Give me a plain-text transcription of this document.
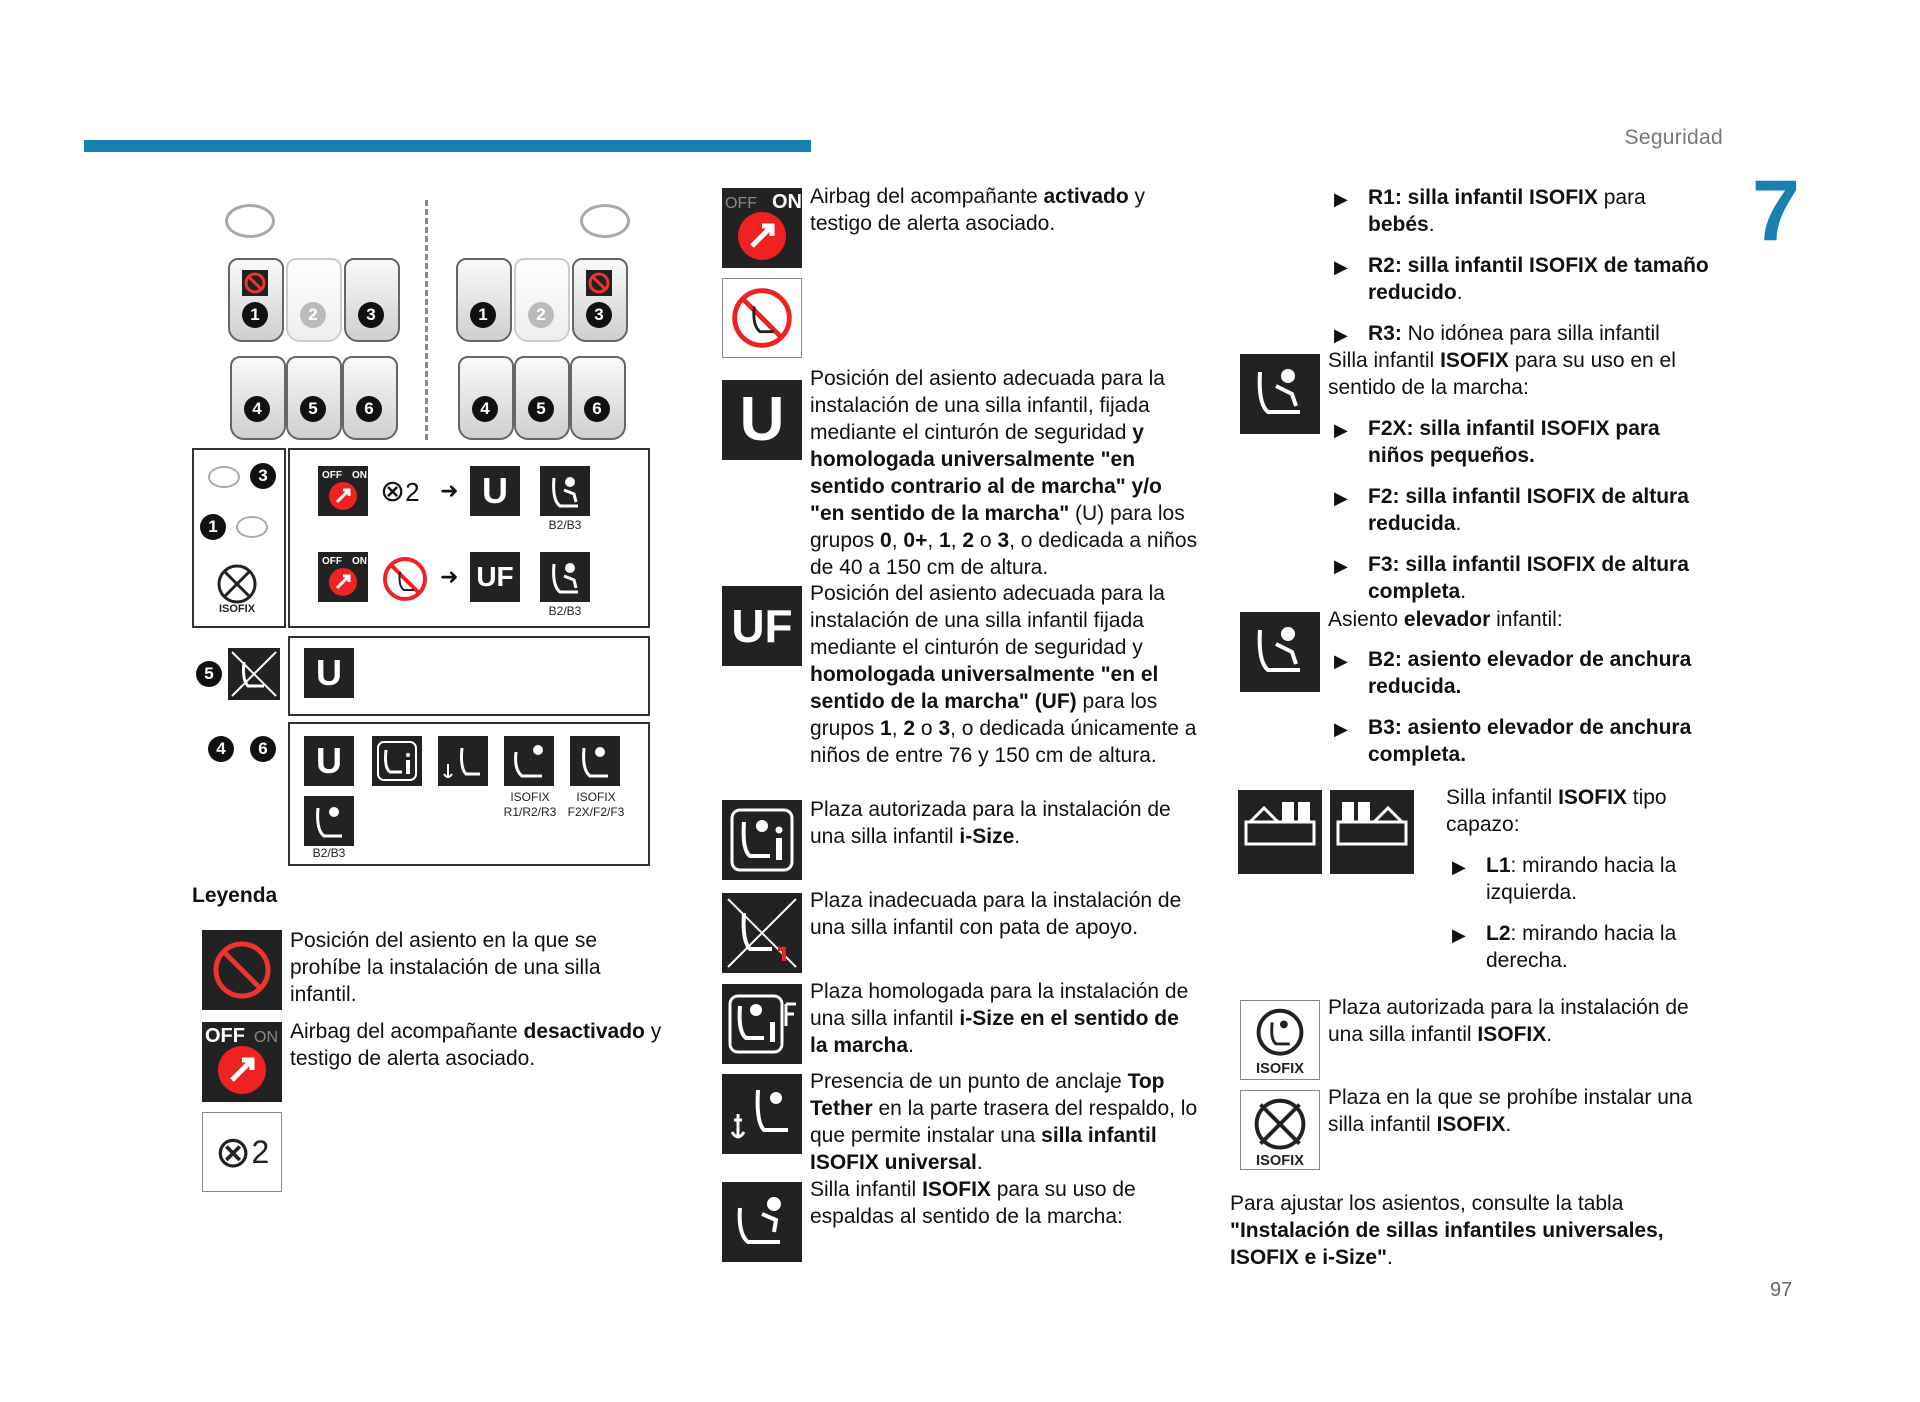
Seguridad
7
97
1	2	3
4	5	6
1	2	3
4	5	6
3
1
ISOFIX
OFF ON ⊗2 ➜ U
B2/B3
OFF ON
➜ UF
B2/B3
5	U
4	6	U
ISOFIX
R1/R2/R3
ISOFIX
F2X/F2/F3
B2/B3
Leyenda
Posición del asiento en la que se prohíbe la instalación de una silla infantil.
OFF ON Airbag del acompañante desactivado y testigo de alerta asociado.
⊗ 2
OFF ON Airbag del acompañante activado y testigo de alerta asociado.
U
Posición del asiento adecuada para la instalación de una silla infantil, fijada mediante el cinturón de seguridad y homologada universalmente "en sentido contrario al de marcha" y/o "en sentido de la marcha" (U) para los grupos 0, 0+, 1, 2 o 3, o dedicada a niños de 40 a 150 cm de altura.
UF
Posición del asiento adecuada para la instalación de una silla infantil fijada mediante el cinturón de seguridad y homologada universalmente "en el sentido de la marcha" (UF) para los grupos 1, 2 o 3, o dedicada únicamente a niños de entre 76 y 150 cm de altura.
Plaza autorizada para la instalación de una silla infantil i-Size.
Plaza inadecuada para la instalación de una silla infantil con pata de apoyo.
Plaza homologada para la instalación de una silla infantil i-Size en el sentido de la marcha.
Presencia de un punto de anclaje Top Tether en la parte trasera del respaldo, lo que permite instalar una silla infantil ISOFIX universal.
Silla infantil ISOFIX para su uso de espaldas al sentido de la marcha:
▶ R1: silla infantil ISOFIX para bebés.
▶ R2: silla infantil ISOFIX de tamaño reducido.
▶ R3: No idónea para silla infantil
Silla infantil ISOFIX para su uso en el sentido de la marcha:
▶ F2X: silla infantil ISOFIX para niños pequeños.
▶ F2: silla infantil ISOFIX de altura reducida.
▶ F3: silla infantil ISOFIX de altura completa.
Asiento elevador infantil:
▶ B2: asiento elevador de anchura reducida.
▶ B3: asiento elevador de anchura completa.
Silla infantil ISOFIX tipo capazo:
▶ L1: mirando hacia la izquierda.
▶ L2: mirando hacia la derecha.
ISOFIX
Plaza autorizada para la instalación de una silla infantil ISOFIX.
ISOFIX
Plaza en la que se prohíbe instalar una silla infantil ISOFIX.
Para ajustar los asientos, consulte la tabla "Instalación de sillas infantiles universales, ISOFIX e i-Size".
